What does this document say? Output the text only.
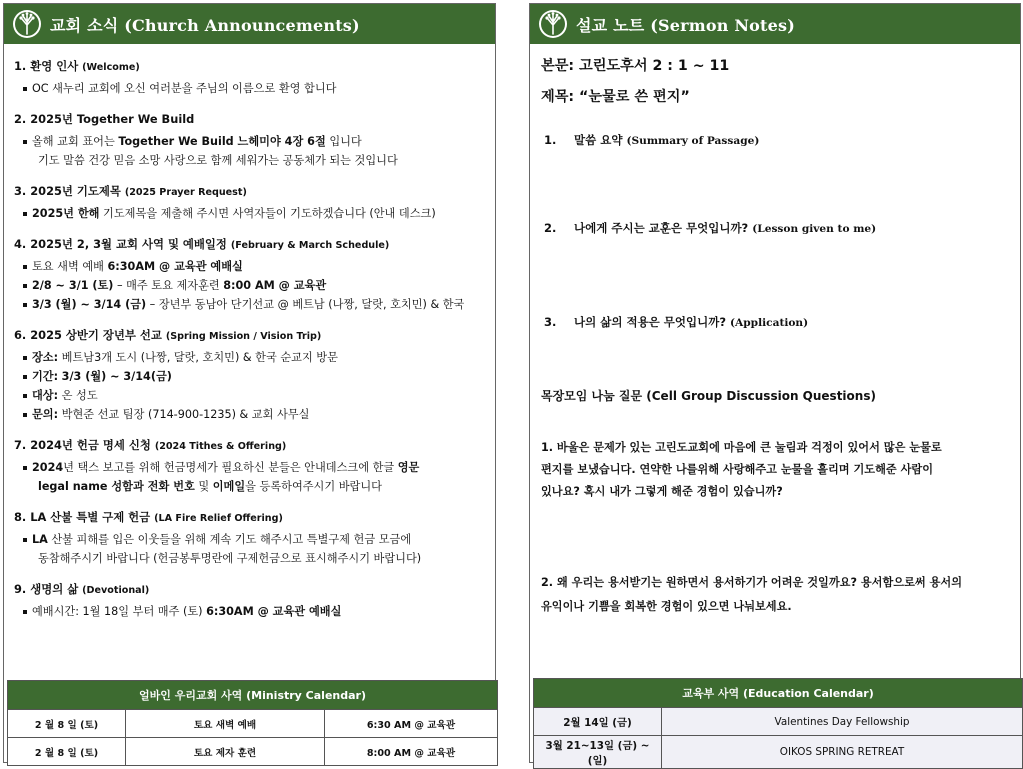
교회 소식 (Church Announcements)
1. 환영 인사 (Welcome)
OC 새누리 교회에 오신 여러분을 주님의 이름으로 환영 합니다
2. 2025년 Together We Build
올해 교회 표어는 Together We Build 느헤미야 4장 6절 입니다
기도 말씀 건강 믿음 소망 사랑으로 함께 세워가는 공동체가 되는 것입니다
3. 2025년 기도제목 (2025 Prayer Request)
2025년 한해 기도제목을 제출해 주시면 사역자들이 기도하겠습니다 (안내 데스크)
4. 2025년 2, 3월 교회 사역 및 예배일정 (February & March Schedule)
토요 새벽 예배 6:30AM @ 교육관 예배실
2/8 ~ 3/1 (토) – 매주 토요 제자훈련 8:00 AM @ 교육관
3/3 (월) ~ 3/14 (금) – 장년부 동남아 단기선교 @ 베트남 (나짱, 달랏, 호치민) & 한국
6. 2025 상반기 장년부 선교 (Spring Mission / Vision Trip)
장소: 베트남3개 도시 (나짱, 달랏, 호치민) & 한국 순교지 방문
기간: 3/3 (월) ~ 3/14(금)
대상: 온 성도
문의: 박현준 선교 팀장 (714-900-1235) & 교회 사무실
7. 2024년 헌금 명세 신청 (2024 Tithes & Offering)
2024년 택스 보고를 위해 헌금명세가 필요하신 분들은 안내데스크에 한글 영문
legal name 성함과 전화 번호 및 이메일을 등록하여주시기 바랍니다
8. LA 산불 특별 구제 헌금 (LA Fire Relief Offering)
LA 산불 피해를 입은 이웃들을 위해 계속 기도 해주시고 특별구제 헌금 모금에
동참해주시기 바랍니다 (헌금봉투명란에 구제헌금으로 표시해주시기 바랍니다)
9. 생명의 삶 (Devotional)
예배시간: 1월 18일 부터 매주 (토) 6:30AM @ 교육관 예배실
얼바인 우리교회 사역 (Ministry Calendar)		
2 월 8 일 (토)	토요 새벽 예배	6:30 AM @ 교육관
2 월 8 일 (토)	토요 제자 훈련	8:00 AM @ 교육관
설교 노트 (Sermon Notes)
본문: 고린도후서 2 : 1 ~ 11
제목: “눈물로 쓴 편지”
1. 말씀 요약 (Summary of Passage)
2. 나에게 주시는 교훈은 무엇입니까? (Lesson given to me)
3. 나의 삶의 적용은 무엇입니까? (Application)
목장모임 나눔 질문 (Cell Group Discussion Questions)
1. 바울은 문제가 있는 고린도교회에 마음에 큰 눌림과 걱정이 있어서 많은 눈물로
편지를 보냈습니다. 연약한 나를위해 사랑해주고 눈물을 흘리며 기도해준 사람이
있나요? 혹시 내가 그렇게 해준 경험이 있습니까?
2. 왜 우리는 용서받기는 원하면서 용서하기가 어려운 것일까요? 용서함으로써 용서의
유익이나 기쁨을 회복한 경험이 있으면 나눠보세요.
교육부 사역 (Education Calendar)	
2월 14일 (금)	Valentines Day Fellowship
3월 21~13일 (금) ~ (일)	OIKOS SPRING RETREAT
